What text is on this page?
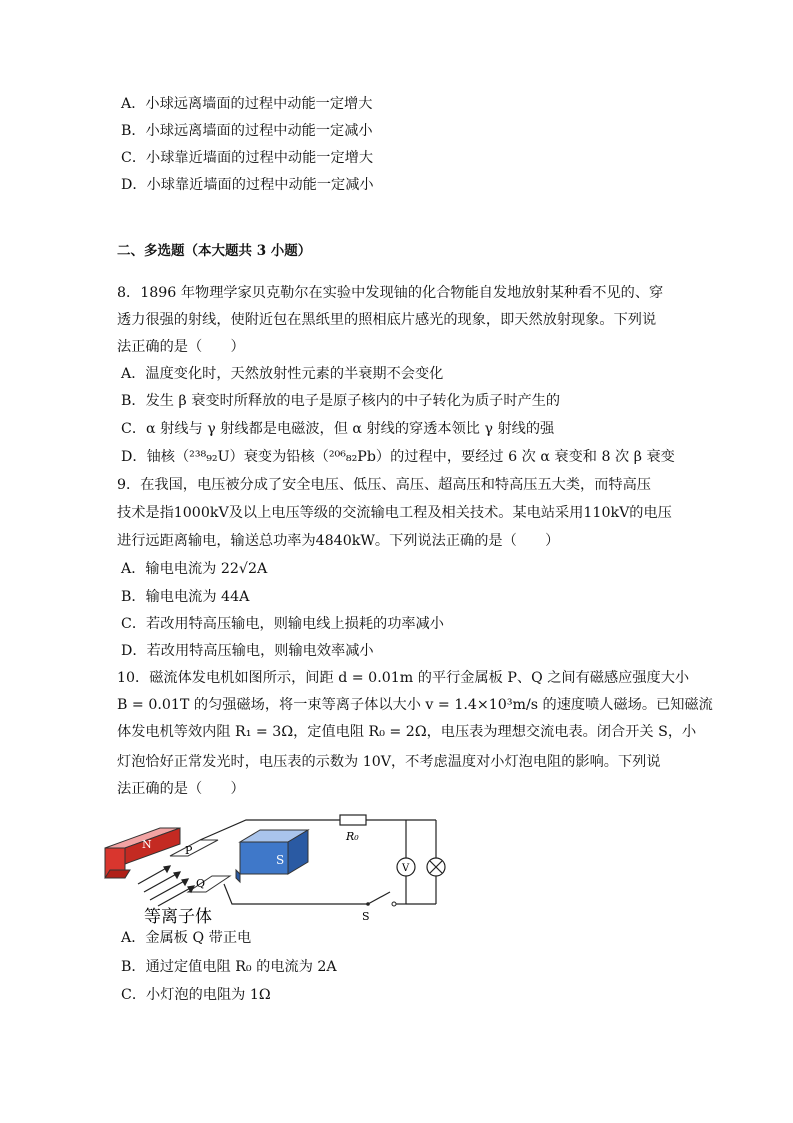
A．小球远离墙面的过程中动能一定增大
B．小球远离墙面的过程中动能一定减小
C．小球靠近墙面的过程中动能一定增大
D．小球靠近墙面的过程中动能一定减小
二、多选题（本大题共 3 小题）
8．1896 年物理学家贝克勒尔在实验中发现铀的化合物能自发地放射某种看不见的、穿
透力很强的射线，使附近包在黑纸里的照相底片感光的现象，即天然放射现象。下列说
法正确的是（　　）
A．温度变化时，天然放射性元素的半衰期不会变化
B．发生 β 衰变时所释放的电子是原子核内的中子转化为质子时产生的
C．α 射线与 γ 射线都是电磁波，但 α 射线的穿透本领比 γ 射线的强
D．铀核（²³⁸₉₂U）衰变为铅核（²⁰⁶₈₂Pb）的过程中，要经过 6 次 α 衰变和 8 次 β 衰变
9．在我国，电压被分成了安全电压、低压、高压、超高压和特高压五大类，而特高压
技术是指1000kV及以上电压等级的交流输电工程及相关技术。某电站采用110kV的电压
进行远距离输电，输送总功率为4840kW。下列说法正确的是（　　）
A．输电电流为 22√2A
B．输电电流为 44A
C．若改用特高压输电，则输电线上损耗的功率减小
D．若改用特高压输电，则输电效率减小
10．磁流体发电机如图所示，间距 d = 0.01m 的平行金属板 P、Q 之间有磁感应强度大小
B = 0.01T 的匀强磁场，将一束等离子体以大小 v = 1.4×10³m/s 的速度喷人磁场。已知磁流
体发电机等效内阻 R₁ = 3Ω，定值电阻 R₀ = 2Ω，电压表为理想交流电表。闭合开关 S，小
灯泡恰好正常发光时，电压表的示数为 10V，不考虑温度对小灯泡电阻的影响。下列说
法正确的是（　　）
N	P
Q
S
等离子体	S
R₀
V
A．金属板 Q 带正电
B．通过定值电阻 R₀ 的电流为 2A
C．小灯泡的电阻为 1Ω
